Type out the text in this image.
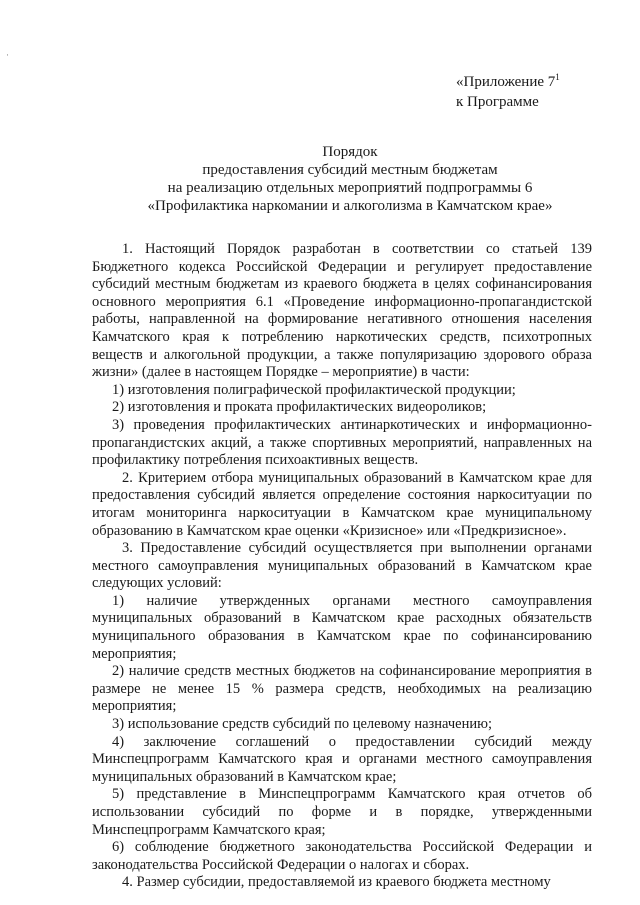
·
«Приложение $7^1$
к Программе
Порядок
предоставления субсидий местным бюджетам
на реализацию отдельных мероприятий подпрограммы 6
«Профилактика наркомании и алкоголизма в Камчатском крае»

1. Настоящий Порядок разработан в соответствии со статьей 139 Бюджетного кодекса Российской Федерации и регулирует предоставление субсидий местным бюджетам из краевого бюджета в целях софинансирования основного мероприятия 6.1 «Проведение информационно-пропагандистской работы, направленной на формирование негативного отношения населения Камчатского края к потреблению наркотических средств, психотропных веществ и алкогольной продукции, а также популяризацию здорового образа жизни» (далее в настоящем Порядке – мероприятие) в части:

1) изготовления полиграфической профилактической продукции;

2) изготовления и проката профилактических видеороликов;

3) проведения профилактических антинаркотических и информационно-пропагандистских акций, а также спортивных мероприятий, направленных на профилактику потребления психоактивных веществ.

2. Критерием отбора муниципальных образований в Камчатском крае для предоставления субсидий является определение состояния наркоситуации по итогам мониторинга наркоситуации в Камчатском крае муниципальному образованию в Камчатском крае оценки «Кризисное» или «Предкризисное».

3. Предоставление субсидий осуществляется при выполнении органами местного самоуправления муниципальных образований в Камчатском крае следующих условий:

1) наличие утвержденных органами местного самоуправления муниципальных образований в Камчатском крае расходных обязательств муниципального образования в Камчатском крае по софинансированию мероприятия;

2) наличие средств местных бюджетов на софинансирование мероприятия в размере не менее 15 % размера средств, необходимых на реализацию мероприятия;

3) использование средств субсидий по целевому назначению;

4) заключение соглашений о предоставлении субсидий между Минспецпрограмм Камчатского края и органами местного самоуправления муниципальных образований в Камчатском крае;

5) представление в Минспецпрограмм Камчатского края отчетов об использовании субсидий по форме и в порядке, утвержденными Минспецпрограмм Камчатского края;

6) соблюдение бюджетного законодательства Российской Федерации и законодательства Российской Федерации о налогах и сборах.

4. Размер субсидии, предоставляемой из краевого бюджета местному
